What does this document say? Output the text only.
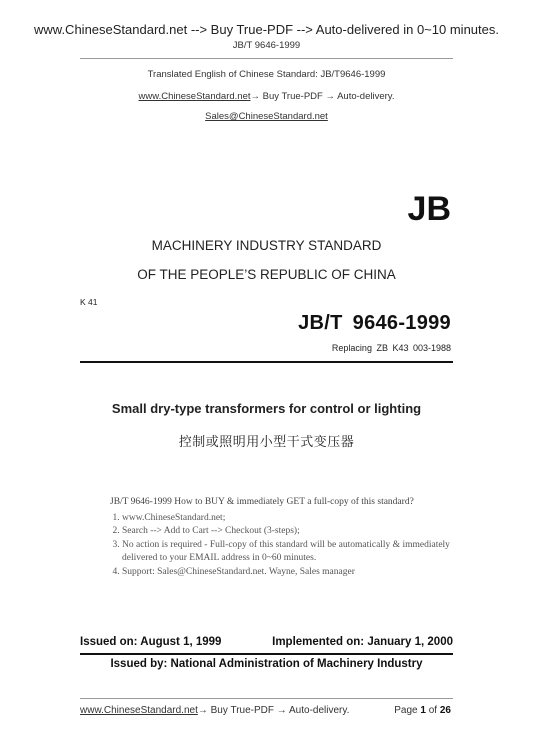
www.ChineseStandard.net --> Buy True-PDF --> Auto-delivered in 0~10 minutes.
JB/T 9646-1999
Translated English of Chinese Standard: JB/T9646-1999
www.ChineseStandard.net→ Buy True-PDF → Auto-delivery.
Sales@ChineseStandard.net
JB
MACHINERY INDUSTRY STANDARD
OF THE PEOPLE’S REPUBLIC OF CHINA
K 41
JB/T 9646-1999
Replacing ZB K43 003-1988
Small dry-type transformers for control or lighting
控制或照明用小型干式变压器
JB/T 9646-1999 How to BUY & immediately GET a full-copy of this standard?
1. www.ChineseStandard.net;
2. Search --> Add to Cart --> Checkout (3-steps);
3. No action is required - Full-copy of this standard will be automatically & immediately delivered to your EMAIL address in 0~60 minutes.
4. Support: Sales@ChineseStandard.net. Wayne, Sales manager
Issued on: August 1, 1999	Implemented on: January 1, 2000
Issued by: National Administration of Machinery Industry
www.ChineseStandard.net→ Buy True-PDF → Auto-delivery.	Page 1 of 26
